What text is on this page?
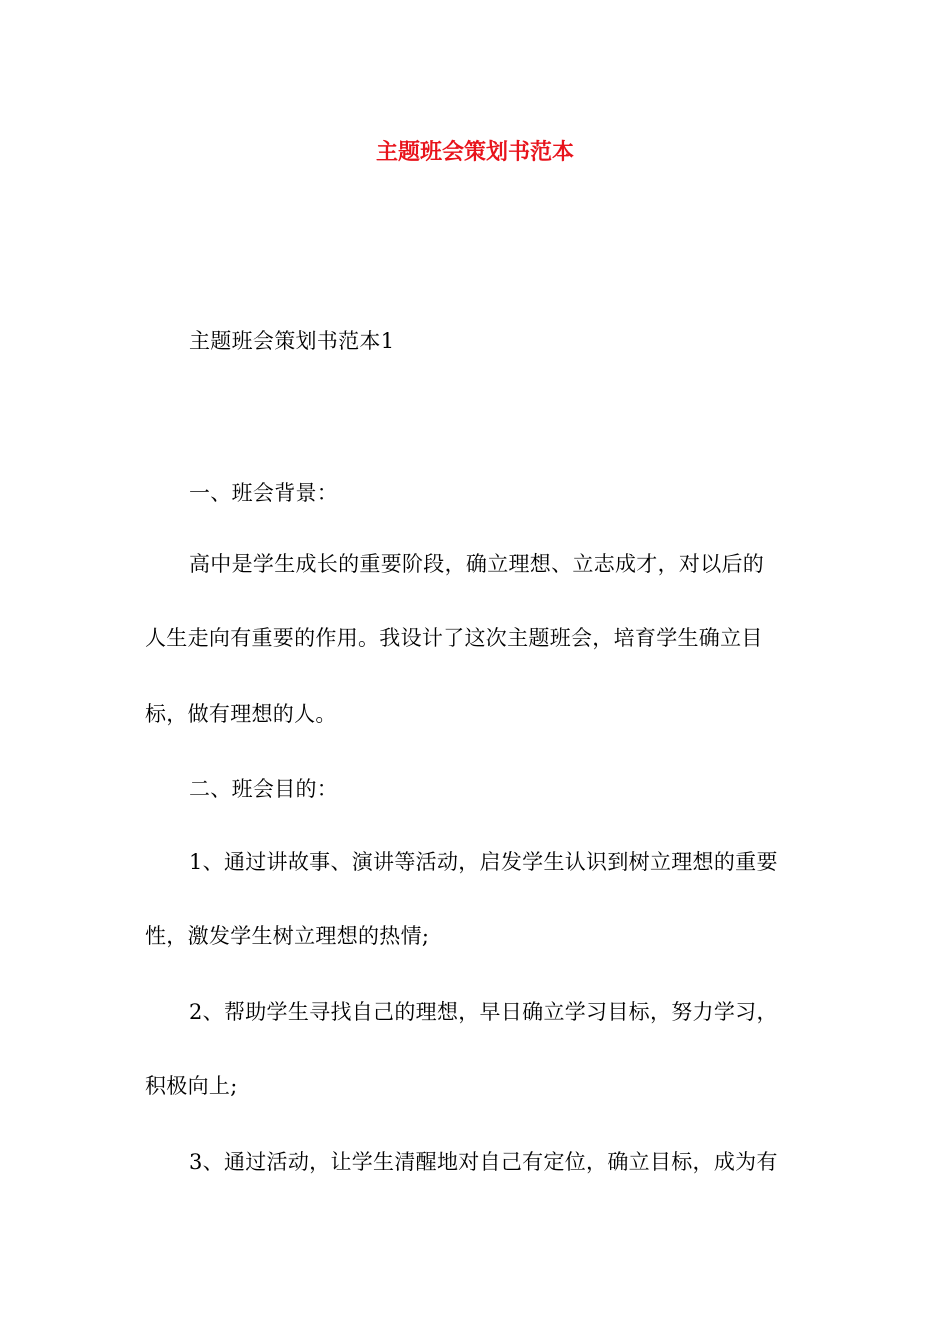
主题班会策划书范本
主题班会策划书范本1
一、班会背景：
高中是学生成长的重要阶段，确立理想、立志成才，对以后的
人生走向有重要的作用。我设计了这次主题班会，培育学生确立目
标，做有理想的人。
二、班会目的：
1、通过讲故事、演讲等活动，启发学生认识到树立理想的重要
性，激发学生树立理想的热情;
2、帮助学生寻找自己的理想，早日确立学习目标，努力学习，
积极向上;
3、通过活动，让学生清醒地对自己有定位，确立目标，成为有
